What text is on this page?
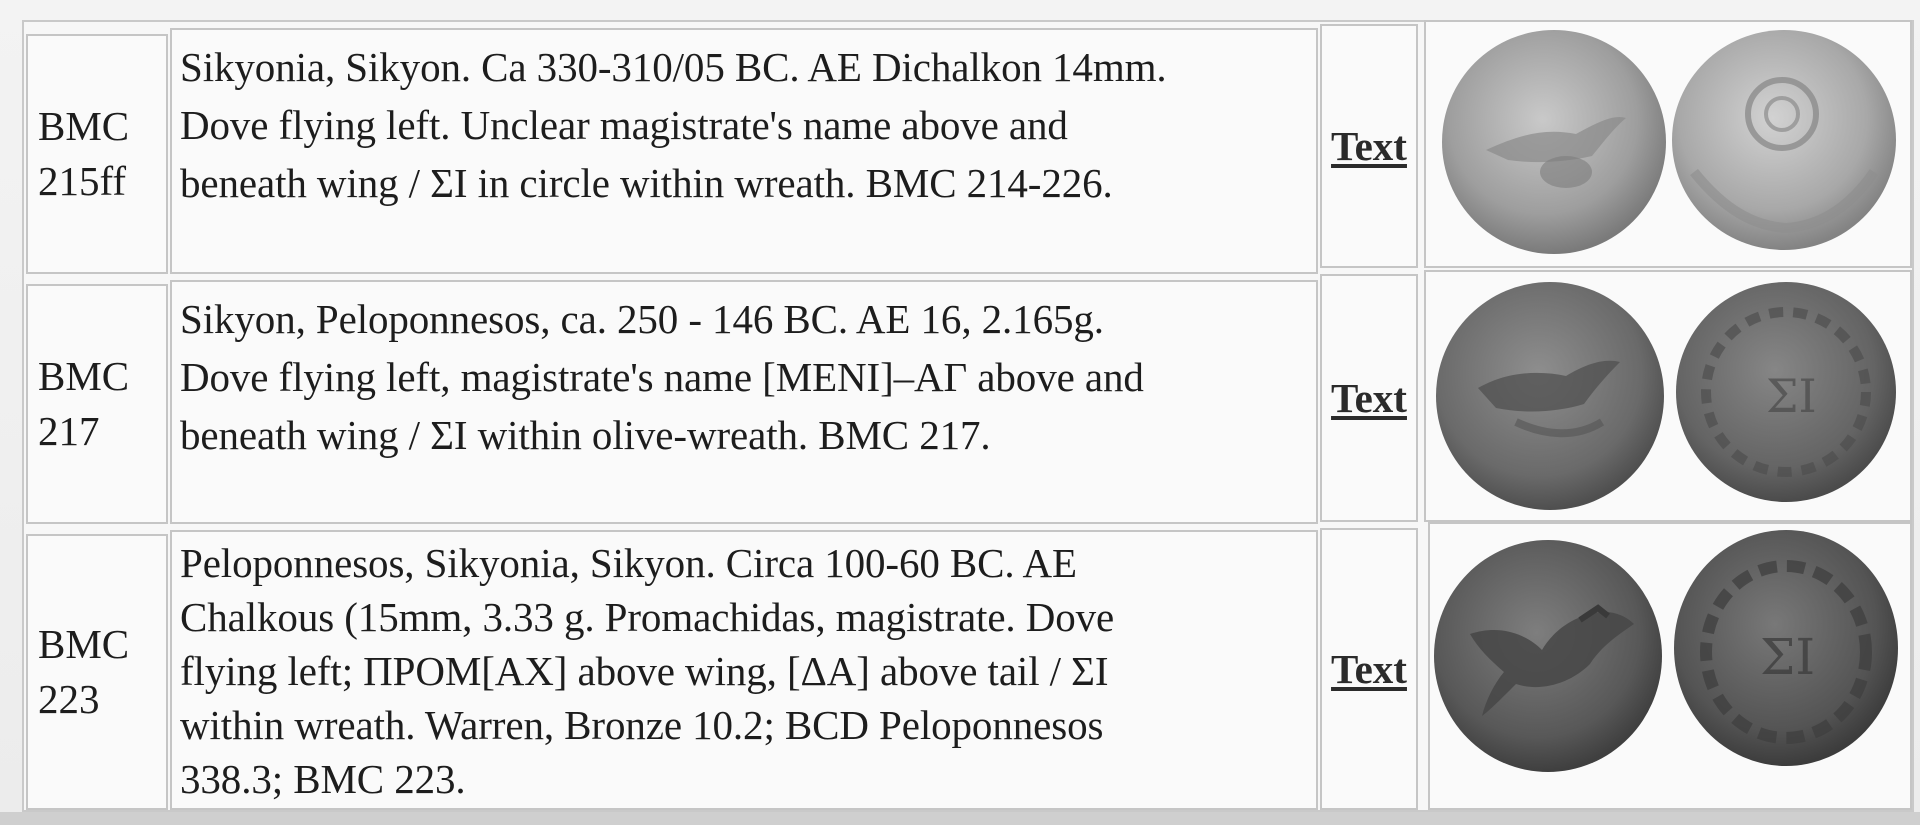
BMC
215ff
Sikyonia, Sikyon. Ca 330-310/05 BC. AE Dichalkon 14mm.
Dove flying left. Unclear magistrate's name above and
beneath wing / ΣI in circle within wreath. BMC 214-226.
Text
BMC
217
Sikyon, Peloponnesos, ca. 250 - 146 BC. AE 16, 2.165g.
Dove flying left, magistrate's name [MENI]–ΑΓ above and
beneath wing / ΣI within olive-wreath. BMC 217.
Text	ΣI
BMC
223
Peloponnesos, Sikyonia, Sikyon. Circa 100-60 BC. AE
Chalkous (15mm, 3.33 g. Promachidas, magistrate. Dove
flying left; ΠΡΟΜ[ΑΧ] above wing, [ΔΑ] above tail / ΣI
within wreath. Warren, Bronze 10.2; BCD Peloponnesos
338.3; BMC 223.
Text	ΣI
